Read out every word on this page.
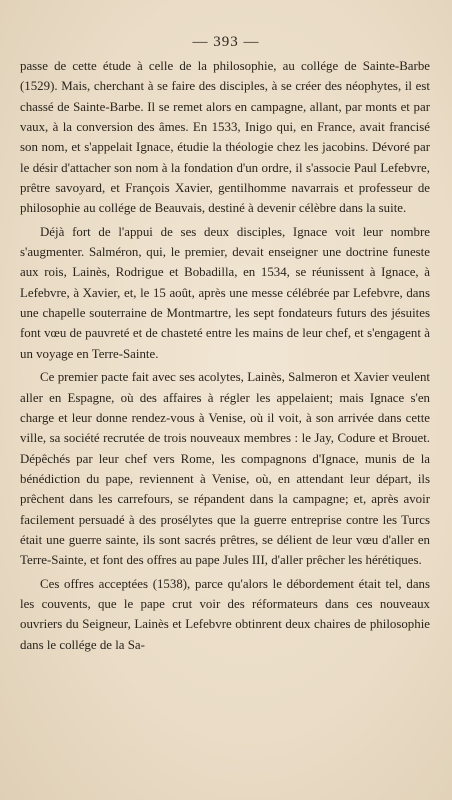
— 393 —

passe de cette étude à celle de la philosophie, au collége de Sainte-Barbe (1529). Mais, cherchant à se faire des disciples, à se créer des néophytes, il est chassé de Sainte-Barbe. Il se remet alors en campagne, allant, par monts et par vaux, à la conversion des âmes. En 1533, Inigo qui, en France, avait francisé son nom, et s'appelait Ignace, étudie la théologie chez les jacobins. Dévoré par le désir d'attacher son nom à la fondation d'un ordre, il s'associe Paul Lefebvre, prêtre savoyard, et François Xavier, gentilhomme navarrais et professeur de philosophie au collége de Beauvais, destiné à devenir célèbre dans la suite.

Déjà fort de l'appui de ses deux disciples, Ignace voit leur nombre s'augmenter. Salméron, qui, le premier, devait enseigner une doctrine funeste aux rois, Lainès, Rodrigue et Bobadilla, en 1534, se réunissent à Ignace, à Lefebvre, à Xavier, et, le 15 août, après une messe célébrée par Lefebvre, dans une chapelle souterraine de Montmartre, les sept fondateurs futurs des jésuites font vœu de pauvreté et de chasteté entre les mains de leur chef, et s'engagent à un voyage en Terre-Sainte.

Ce premier pacte fait avec ses acolytes, Lainès, Salmeron et Xavier veulent aller en Espagne, où des affaires à régler les appelaient; mais Ignace s'en charge et leur donne rendez-vous à Venise, où il voit, à son arrivée dans cette ville, sa société recrutée de trois nouveaux membres : le Jay, Codure et Brouet. Dépêchés par leur chef vers Rome, les compagnons d'Ignace, munis de la bénédiction du pape, reviennent à Venise, où, en attendant leur départ, ils prêchent dans les carrefours, se répandent dans la campagne; et, après avoir facilement persuadé à des prosélytes que la guerre entreprise contre les Turcs était une guerre sainte, ils sont sacrés prêtres, se délient de leur vœu d'aller en Terre-Sainte, et font des offres au pape Jules III, d'aller prêcher les hérétiques.

Ces offres acceptées (1538), parce qu'alors le débordement était tel, dans les couvents, que le pape crut voir des réformateurs dans ces nouveaux ouvriers du Seigneur, Lainès et Lefebvre obtinrent deux chaires de philosophie dans le collége de la Sa-
